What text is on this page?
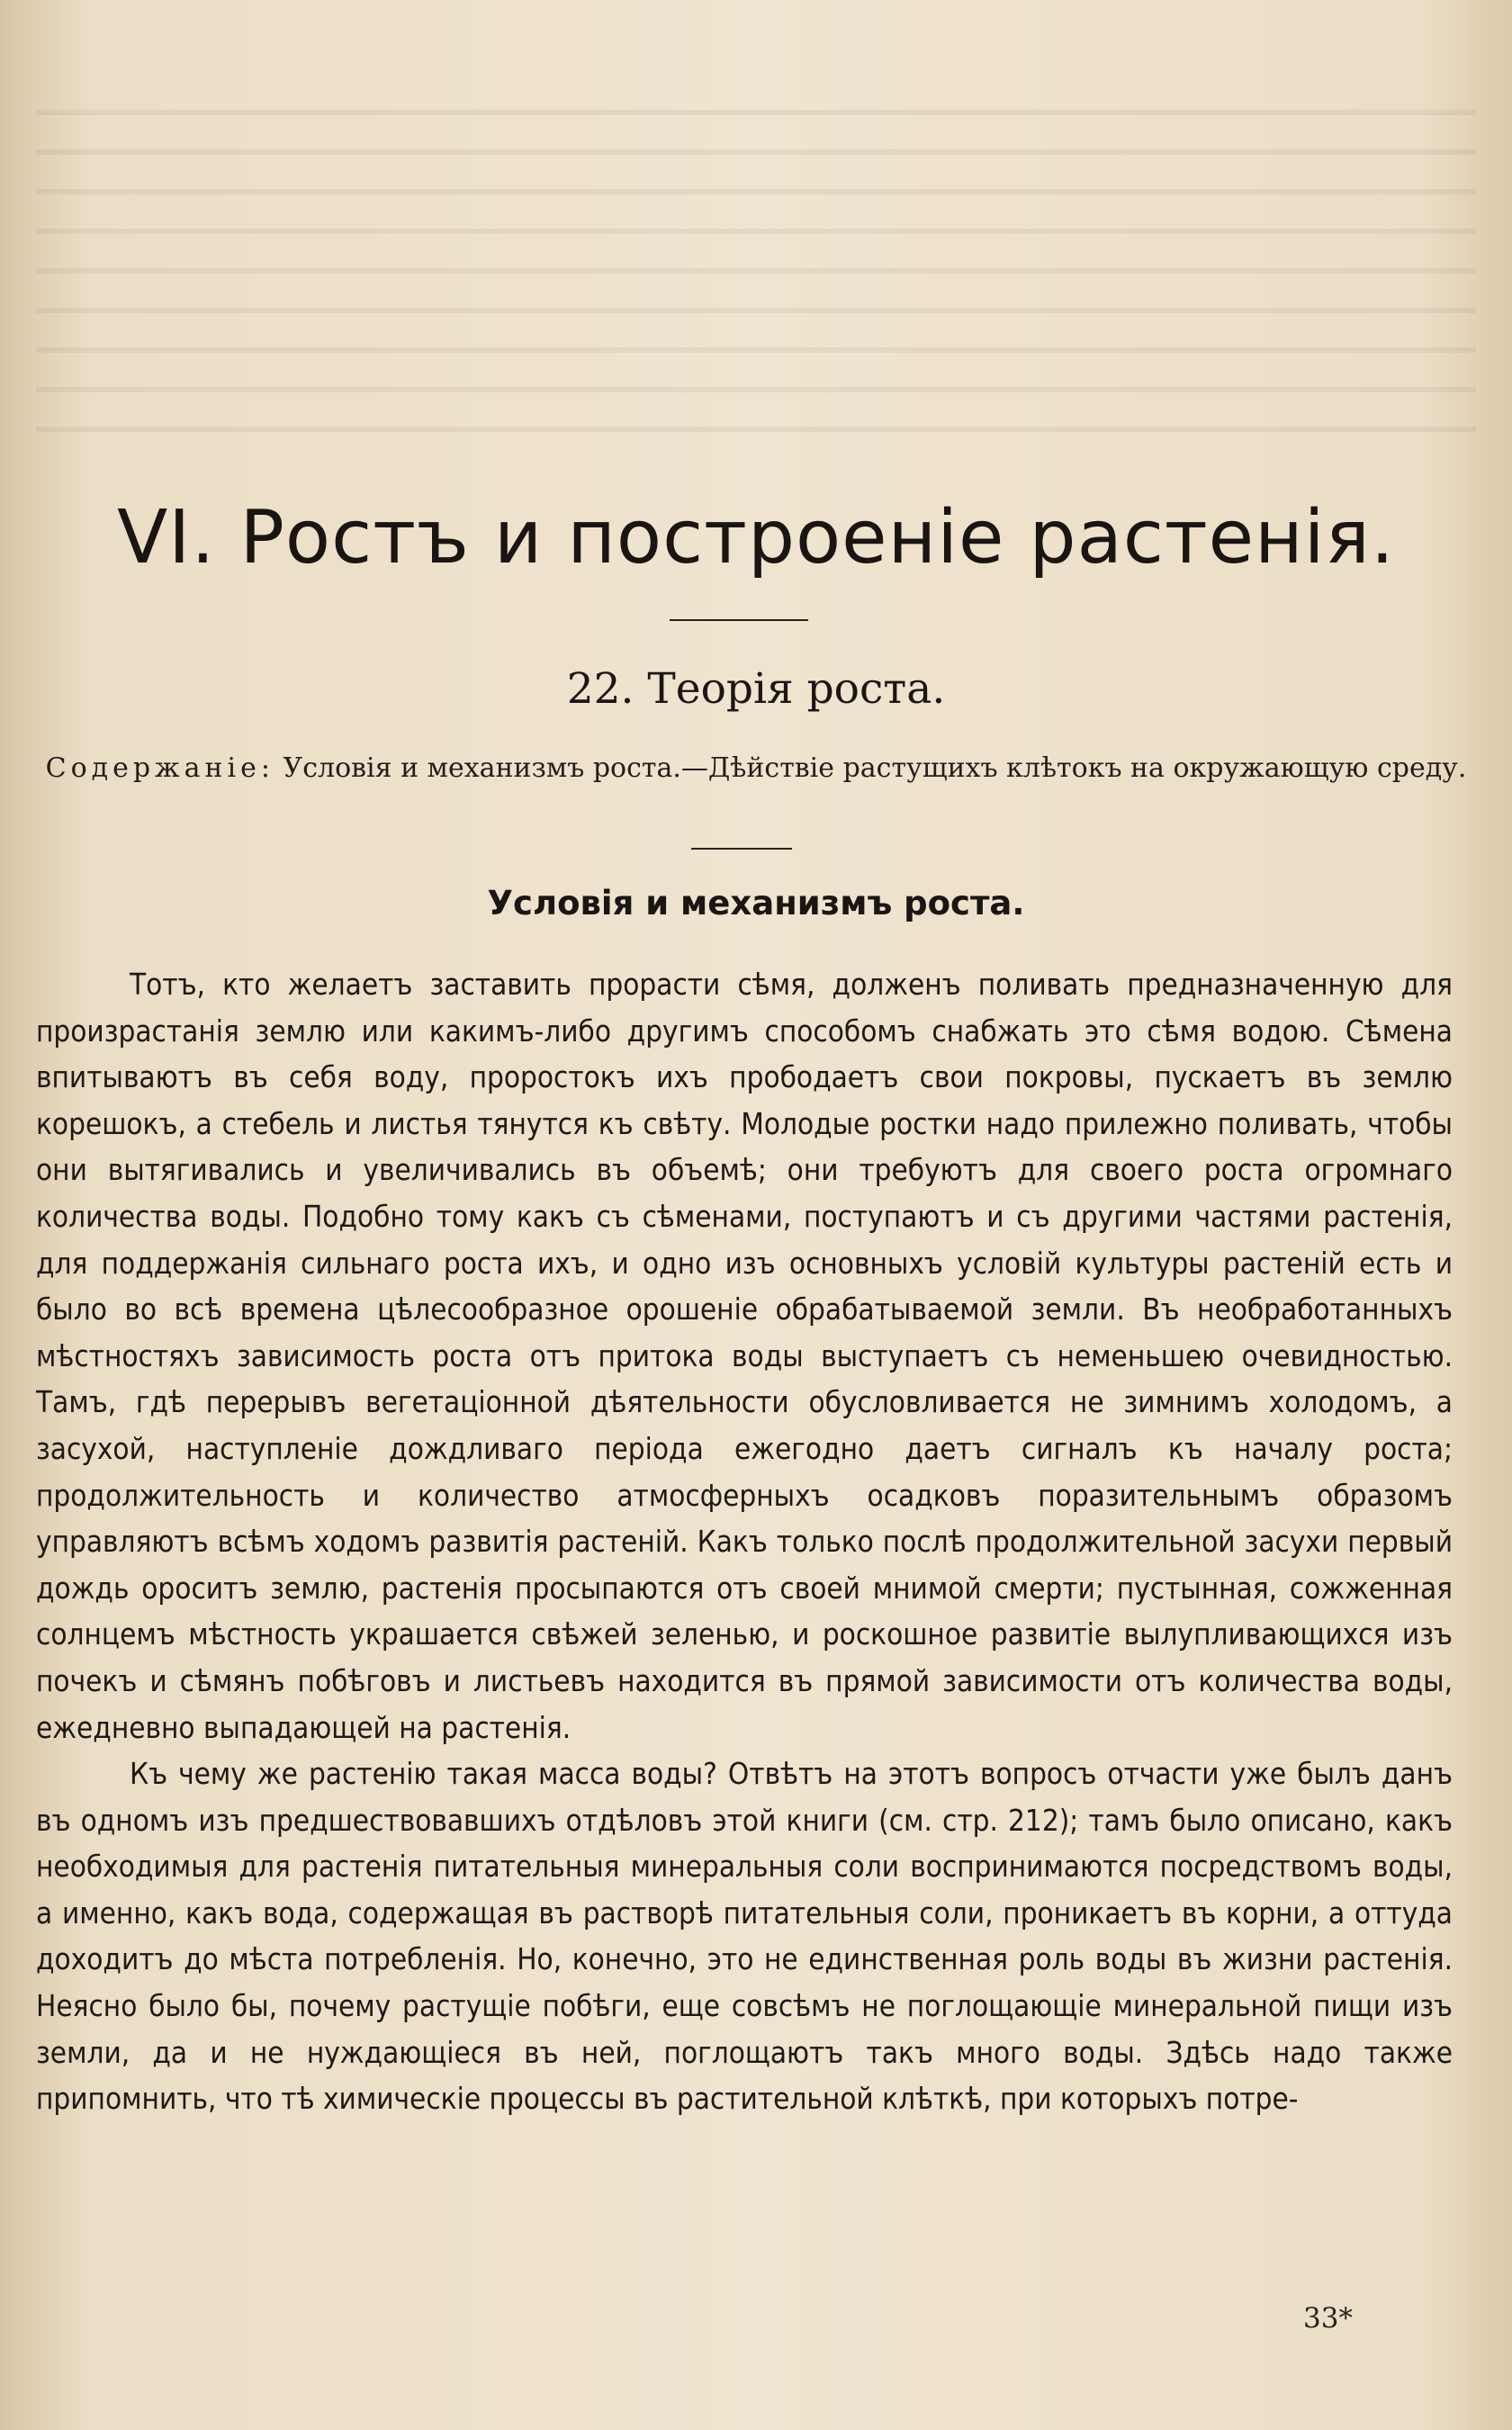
VI. Ростъ и построеніе растенія.
22. Теорія роста.
Содержаніе: Условія и механизмъ роста.—Дѣйствіе растущихъ клѣтокъ на окружающую среду.
Условія и механизмъ роста.

Тотъ, кто желаетъ заставить прорасти сѣмя, долженъ поливать предназначенную для произрастанія землю или какимъ-либо другимъ способомъ снабжать это сѣмя водою. Сѣмена впитываютъ въ себя воду, проростокъ ихъ прободаетъ свои покровы, пускаетъ въ землю корешокъ, а стебель и листья тянутся къ свѣту. Молодые ростки надо прилежно поливать, чтобы они вытягивались и увеличивались въ объемѣ; они требуютъ для своего роста огромнаго количества воды. Подобно тому какъ съ сѣменами, поступаютъ и съ другими частями растенія, для поддержанія сильнаго роста ихъ, и одно изъ основныхъ условій культуры растеній есть и было во всѣ времена цѣлесообразное орошеніе обрабатываемой земли. Въ необработанныхъ мѣстностяхъ зависимость роста отъ притока воды выступаетъ съ неменьшею очевидностью. Тамъ, гдѣ перерывъ вегетаціонной дѣятельности обусловливается не зимнимъ холодомъ, а засухой, наступленіе дождливаго періода ежегодно даетъ сигналъ къ началу роста; продолжительность и количество атмосферныхъ осадковъ поразительнымъ образомъ управляютъ всѣмъ ходомъ развитія растеній. Какъ только послѣ продолжительной засухи первый дождь ороситъ землю, растенія просыпаются отъ своей мнимой смерти; пустынная, сожженная солнцемъ мѣстность украшается свѣжей зеленью, и роскошное развитіе вылупливающихся изъ почекъ и сѣмянъ побѣговъ и листьевъ находится въ прямой зависимости отъ количества воды, ежедневно выпадающей на растенія.

Къ чему же растенію такая масса воды? Отвѣтъ на этотъ вопросъ отчасти уже былъ данъ въ одномъ изъ предшествовавшихъ отдѣловъ этой книги (см. стр. 212); тамъ было описано, какъ необходимыя для растенія питательныя минеральныя соли воспринимаются посредствомъ воды, а именно, какъ вода, содержащая въ растворѣ питательныя соли, проникаетъ въ корни, а оттуда доходитъ до мѣста потребленія. Но, конечно, это не единственная роль воды въ жизни растенія. Неясно было бы, почему растущіе побѣги, еще совсѣмъ не поглощающіе минеральной пищи изъ земли, да и не нуждающіеся въ ней, поглощаютъ такъ много воды. Здѣсь надо также припомнить, что тѣ химическіе процессы въ растительной клѣткѣ, при которыхъ потре-

33*
